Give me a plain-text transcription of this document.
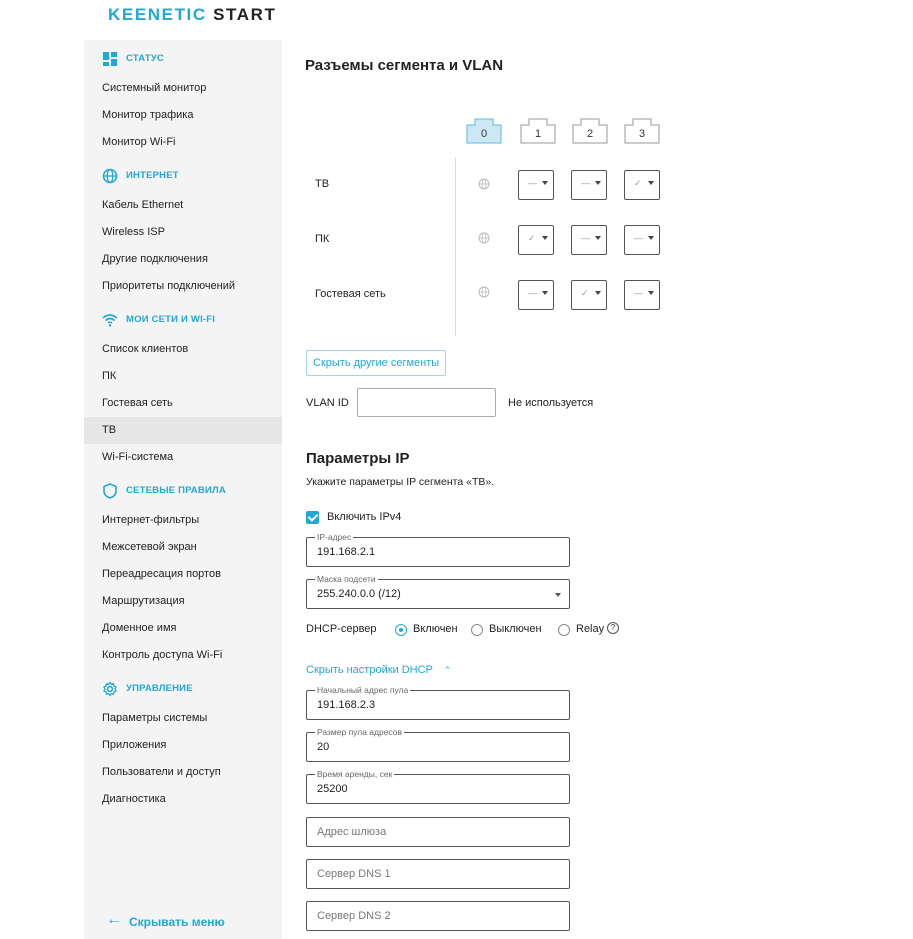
KEENETIC START
СТАТУС
Системный монитор
Монитор трафика
Монитор Wi-Fi
ИНТЕРНЕТ
Кабель Ethernet
Wireless ISP
Другие подключения
Приоритеты подключений
МОИ СЕТИ И WI-FI
Список клиентов
ПК
Гостевая сеть
ТВ
Wi-Fi-система
СЕТЕВЫЕ ПРАВИЛА
Интернет-фильтры
Межсетевой экран
Переадресация портов
Маршрутизация
Доменное имя
Контроль доступа Wi-Fi
УПРАВЛЕНИЕ
Параметры системы
Приложения
Пользователи и доступ
Диагностика
← Скрывать меню
Разъемы сегмента и VLAN
0	1	2	3
ТВ	—	—	✓
ПК	✓	—	—
Гостевая сеть	—	✓	—
Скрыть другие сегменты
VLAN ID	Не используется
Параметры IP
Укажите параметры IP сегмента «ТВ».
Включить IPv4
IP-адрес
191.168.2.1
Маска подсети
255.240.0.0 (/12)
DHCP-сервер	Включен	Выключен	Relay ?
Скрыть настройки DHCP ⌃
Начальный адрес пула
191.168.2.3
Размер пула адресов
20
Время аренды, сек
25200
Адрес шлюза
Сервер DNS 1
Сервер DNS 2
